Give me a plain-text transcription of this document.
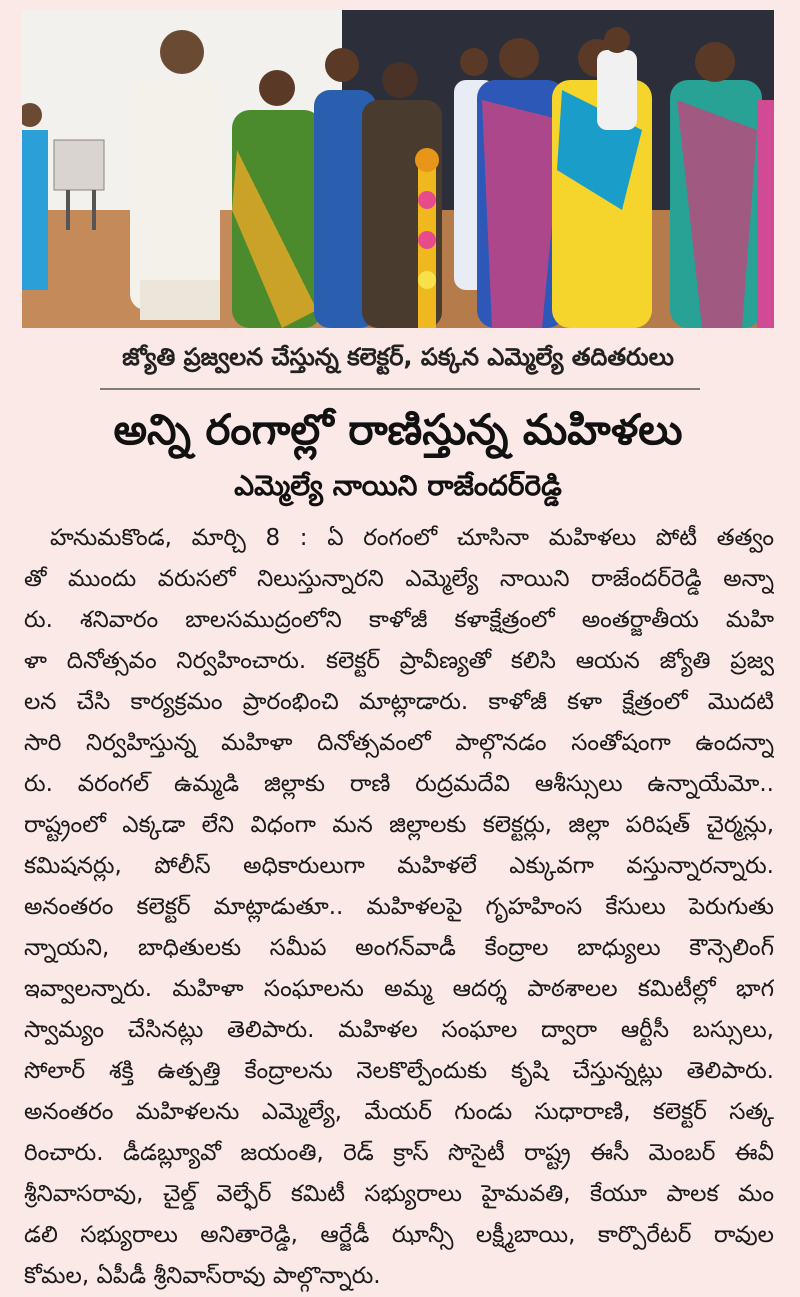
జ్యోతి ప్రజ్వలన చేస్తున్న కలెక్టర్, పక్కన ఎమ్మెల్యే తదితరులు
అన్ని రంగాల్లో రాణిస్తున్న మహిళలు
ఎమ్మెల్యే నాయిని రాజేందర్‌రెడ్డి
హనుమకొండ, మార్చి 8 : ఏ రంగంలో చూసినా మహిళలు పోటీ తత్వం
తో ముందు వరుసలో నిలుస్తున్నారని ఎమ్మెల్యే నాయిని రాజేందర్‌రెడ్డి అన్నా
రు. శనివారం బాలసముద్రంలోని కాళోజీ కళాక్షేత్రంలో అంతర్జాతీయ మహి
ళా దినోత్సవం నిర్వహించారు. కలెక్టర్ ప్రావీణ్యతో కలిసి ఆయన జ్యోతి ప్రజ్వ
లన చేసి కార్యక్రమం ప్రారంభించి మాట్లాడారు. కాళోజీ కళా క్షేత్రంలో మొదటి
సారి నిర్వహిస్తున్న మహిళా దినోత్సవంలో పాల్గొనడం సంతోషంగా ఉందన్నా
రు. వరంగల్ ఉమ్మడి జిల్లాకు రాణి రుద్రమదేవి ఆశీస్సులు ఉన్నాయేమో..
రాష్ట్రంలో ఎక్కడా లేని విధంగా మన జిల్లాలకు కలెక్టర్లు, జిల్లా పరిషత్ చైర్మన్లు,
కమిషనర్లు, పోలీస్ అధికారులుగా మహిళలే ఎక్కువగా వస్తున్నారన్నారు.
అనంతరం కలెక్టర్ మాట్లాడుతూ.. మహిళలపై గృహహింస కేసులు పెరుగుతు
న్నాయని, బాధితులకు సమీప అంగన్‌వాడీ కేంద్రాల బాధ్యులు కౌన్సెలింగ్
ఇవ్వాలన్నారు. మహిళా సంఘాలను అమ్మ ఆదర్శ పాఠశాలల కమిటీల్లో భాగ
స్వామ్యం చేసినట్లు తెలిపారు. మహిళల సంఘాల ద్వారా ఆర్టీసీ బస్సులు,
సోలార్ శక్తి ఉత్పత్తి కేంద్రాలను నెలకొల్పేందుకు కృషి చేస్తున్నట్లు తెలిపారు.
అనంతరం మహిళలను ఎమ్మెల్యే, మేయర్ గుండు సుధారాణి, కలెక్టర్ సత్క
రించారు. డీడబ్ల్యూవో జయంతి, రెడ్ క్రాస్ సొసైటీ రాష్ట్ర ఈసీ మెంబర్ ఈవీ
శ్రీనివాసరావు, చైల్డ్ వెల్ఫేర్ కమిటీ సభ్యురాలు హైమవతి, కేయూ పాలక మం
డలి సభ్యురాలు అనితారెడ్డి, ఆర్జేడీ ఝాన్సీ లక్ష్మీబాయి, కార్పొరేటర్ రావుల
కోమల, ఏపీడీ శ్రీనివాస్‌రావు పాల్గొన్నారు.
